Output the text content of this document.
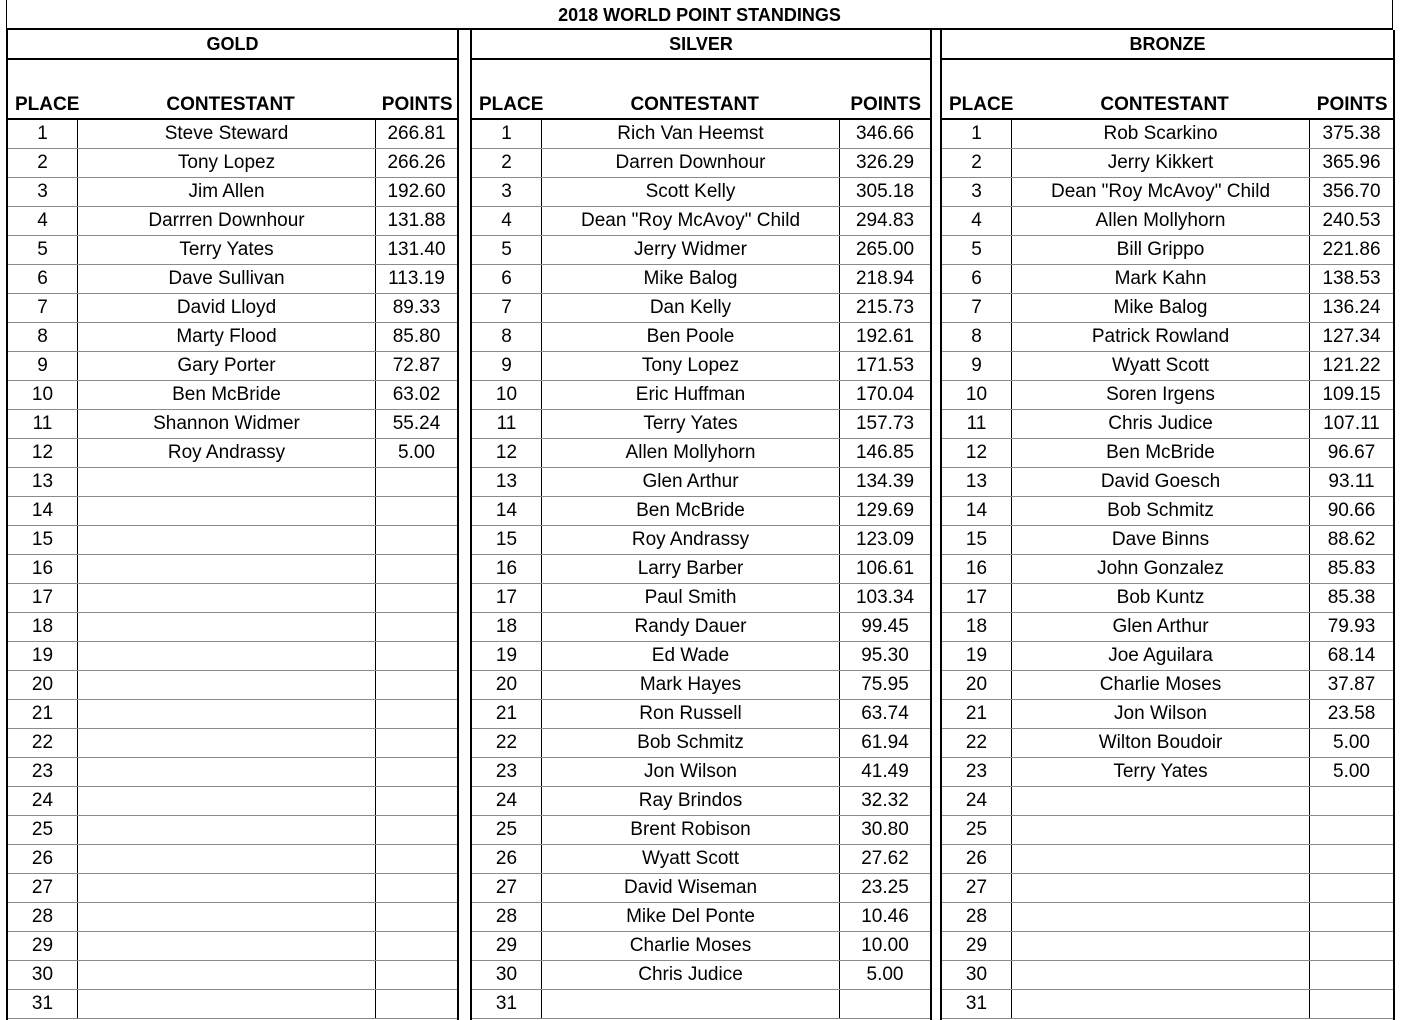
2018 WORLD POINT STANDINGS
GOLD
PLACE	CONTESTANT	POINTS
1	Steve Steward	266.81
2	Tony Lopez	266.26
3	Jim Allen	192.60
4	Darrren Downhour	131.88
5	Terry Yates	131.40
6	Dave Sullivan	113.19
7	David Lloyd	89.33
8	Marty Flood	85.80
9	Gary Porter	72.87
10	Ben McBride	63.02
11	Shannon Widmer	55.24
12	Roy Andrassy	5.00
13
14
15
16
17
18
19
20
21
22
23
24
25
26
27
28
29
30
31
SILVER
PLACE	CONTESTANT	POINTS
1	Rich Van Heemst	346.66
2	Darren Downhour	326.29
3	Scott Kelly	305.18
4	Dean "Roy McAvoy" Child	294.83
5	Jerry Widmer	265.00
6	Mike Balog	218.94
7	Dan Kelly	215.73
8	Ben Poole	192.61
9	Tony Lopez	171.53
10	Eric Huffman	170.04
11	Terry Yates	157.73
12	Allen Mollyhorn	146.85
13	Glen Arthur	134.39
14	Ben McBride	129.69
15	Roy Andrassy	123.09
16	Larry Barber	106.61
17	Paul Smith	103.34
18	Randy Dauer	99.45
19	Ed Wade	95.30
20	Mark Hayes	75.95
21	Ron Russell	63.74
22	Bob Schmitz	61.94
23	Jon Wilson	41.49
24	Ray Brindos	32.32
25	Brent Robison	30.80
26	Wyatt Scott	27.62
27	David Wiseman	23.25
28	Mike Del Ponte	10.46
29	Charlie Moses	10.00
30	Chris Judice	5.00
31
BRONZE
PLACE	CONTESTANT	POINTS
1	Rob Scarkino	375.38
2	Jerry Kikkert	365.96
3	Dean "Roy McAvoy" Child	356.70
4	Allen Mollyhorn	240.53
5	Bill Grippo	221.86
6	Mark Kahn	138.53
7	Mike Balog	136.24
8	Patrick Rowland	127.34
9	Wyatt Scott	121.22
10	Soren Irgens	109.15
11	Chris Judice	107.11
12	Ben McBride	96.67
13	David Goesch	93.11
14	Bob Schmitz	90.66
15	Dave Binns	88.62
16	John Gonzalez	85.83
17	Bob Kuntz	85.38
18	Glen Arthur	79.93
19	Joe Aguilara	68.14
20	Charlie Moses	37.87
21	Jon Wilson	23.58
22	Wilton Boudoir	5.00
23	Terry Yates	5.00
24
25
26
27
28
29
30
31
